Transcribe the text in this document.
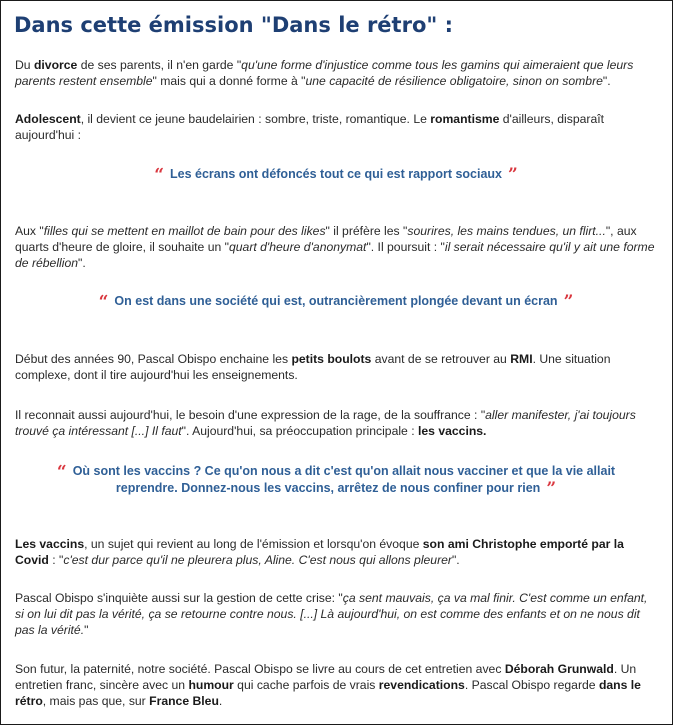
Dans cette émission "Dans le rétro" :

Du divorce de ses parents, il n'en garde "qu'une forme d'injustice comme tous les gamins qui aimeraient que leurs parents restent ensemble" mais qui a donné forme à "une capacité de résilience obligatoire, sinon on sombre".

Adolescent, il devient ce jeune baudelairien : sombre, triste, romantique. Le romantisme d'ailleurs, disparaît aujourd'hui :

“ Les écrans ont défoncés tout ce qui est rapport sociaux ”

Aux "filles qui se mettent en maillot de bain pour des likes" il préfère les "sourires, les mains tendues, un flirt...", aux quarts d'heure de gloire, il souhaite un "quart d'heure d'anonymat". Il poursuit : "il serait nécessaire qu'il y ait une forme de rébellion".

“ On est dans une société qui est, outrancièrement plongée devant un écran ”

Début des années 90, Pascal Obispo enchaine les petits boulots avant de se retrouver au RMI. Une situation complexe, dont il tire aujourd'hui les enseignements.

Il reconnait aussi aujourd'hui, le besoin d'une expression de la rage, de la souffrance : "aller manifester, j'ai toujours trouvé ça intéressant [...] Il faut". Aujourd'hui, sa préoccupation principale : les vaccins.

“ Où sont les vaccins ? Ce qu'on nous a dit c'est qu'on allait nous vacciner et que la vie allait reprendre. Donnez-nous les vaccins, arrêtez de nous confiner pour rien ”

Les vaccins, un sujet qui revient au long de l'émission et lorsqu'on évoque son ami Christophe emporté par la Covid : "c'est dur parce qu'il ne pleurera plus, Aline. C'est nous qui allons pleurer".

Pascal Obispo s'inquiète aussi sur la gestion de cette crise: "ça sent mauvais, ça va mal finir. C'est comme un enfant, si on lui dit pas la vérité, ça se retourne contre nous. [...] Là aujourd'hui, on est comme des enfants et on ne nous dit pas la vérité."

Son futur, la paternité, notre société. Pascal Obispo se livre au cours de cet entretien avec Déborah Grunwald. Un entretien franc, sincère avec un humour qui cache parfois de vrais revendications. Pascal Obispo regarde dans le rétro, mais pas que, sur France Bleu.
